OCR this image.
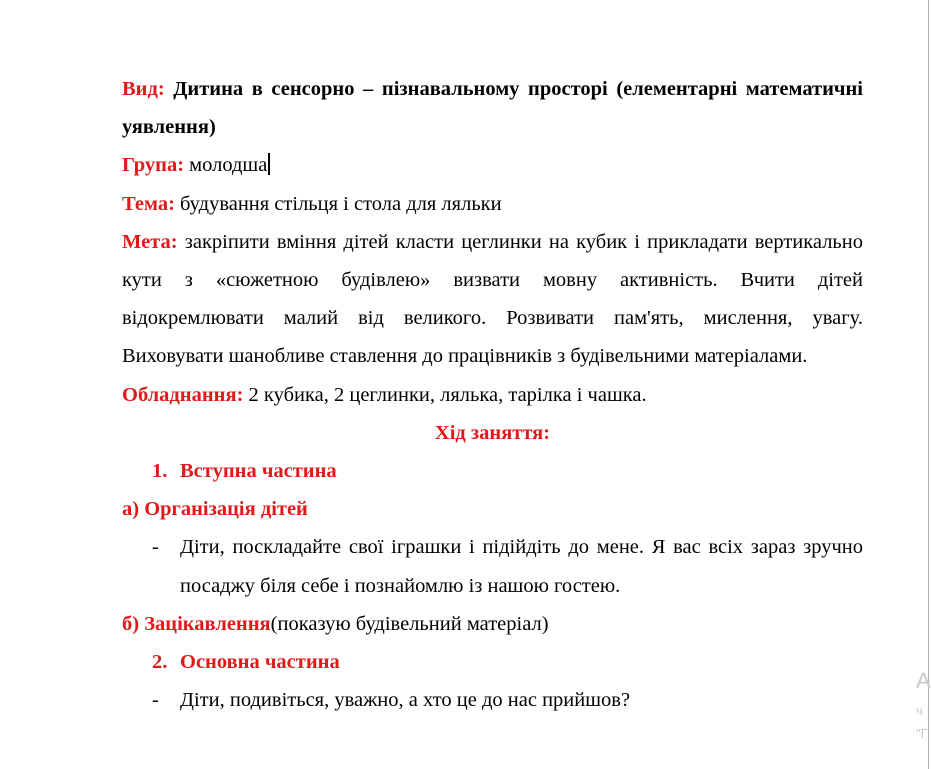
Вид: Дитина в сенсорно – пізнавальному просторі (елементарні математичні уявлення)

Група: молодша

Тема: будування стільця і стола для ляльки

Мета: закріпити вміння дітей класти цеглинки на кубик і прикладати вертикально кути з «сюжетною будівлею» визвати мовну активність. Вчити дітей відокремлювати малий від великого. Розвивати пам'ять, мислення, увагу. Виховувати шанобливе ставлення до працівників з будівельними матеріалами.

Обладнання: 2 кубика, 2 цеглинки, лялька, тарілка і чашка.

Хід заняття:

1. Вступна частина

а) Організація дітей

- Діти, поскладайте свої іграшки і підійдіть до мене. Я вас всіх зараз зручно посаджу біля себе і познайомлю із нашою гостею.

б) Зацікавлення(показую будівельний матеріал)

2. Основна частина

- Діти, подивіться, уважно, а хто це до нас прийшов?

А
ч
"Г
